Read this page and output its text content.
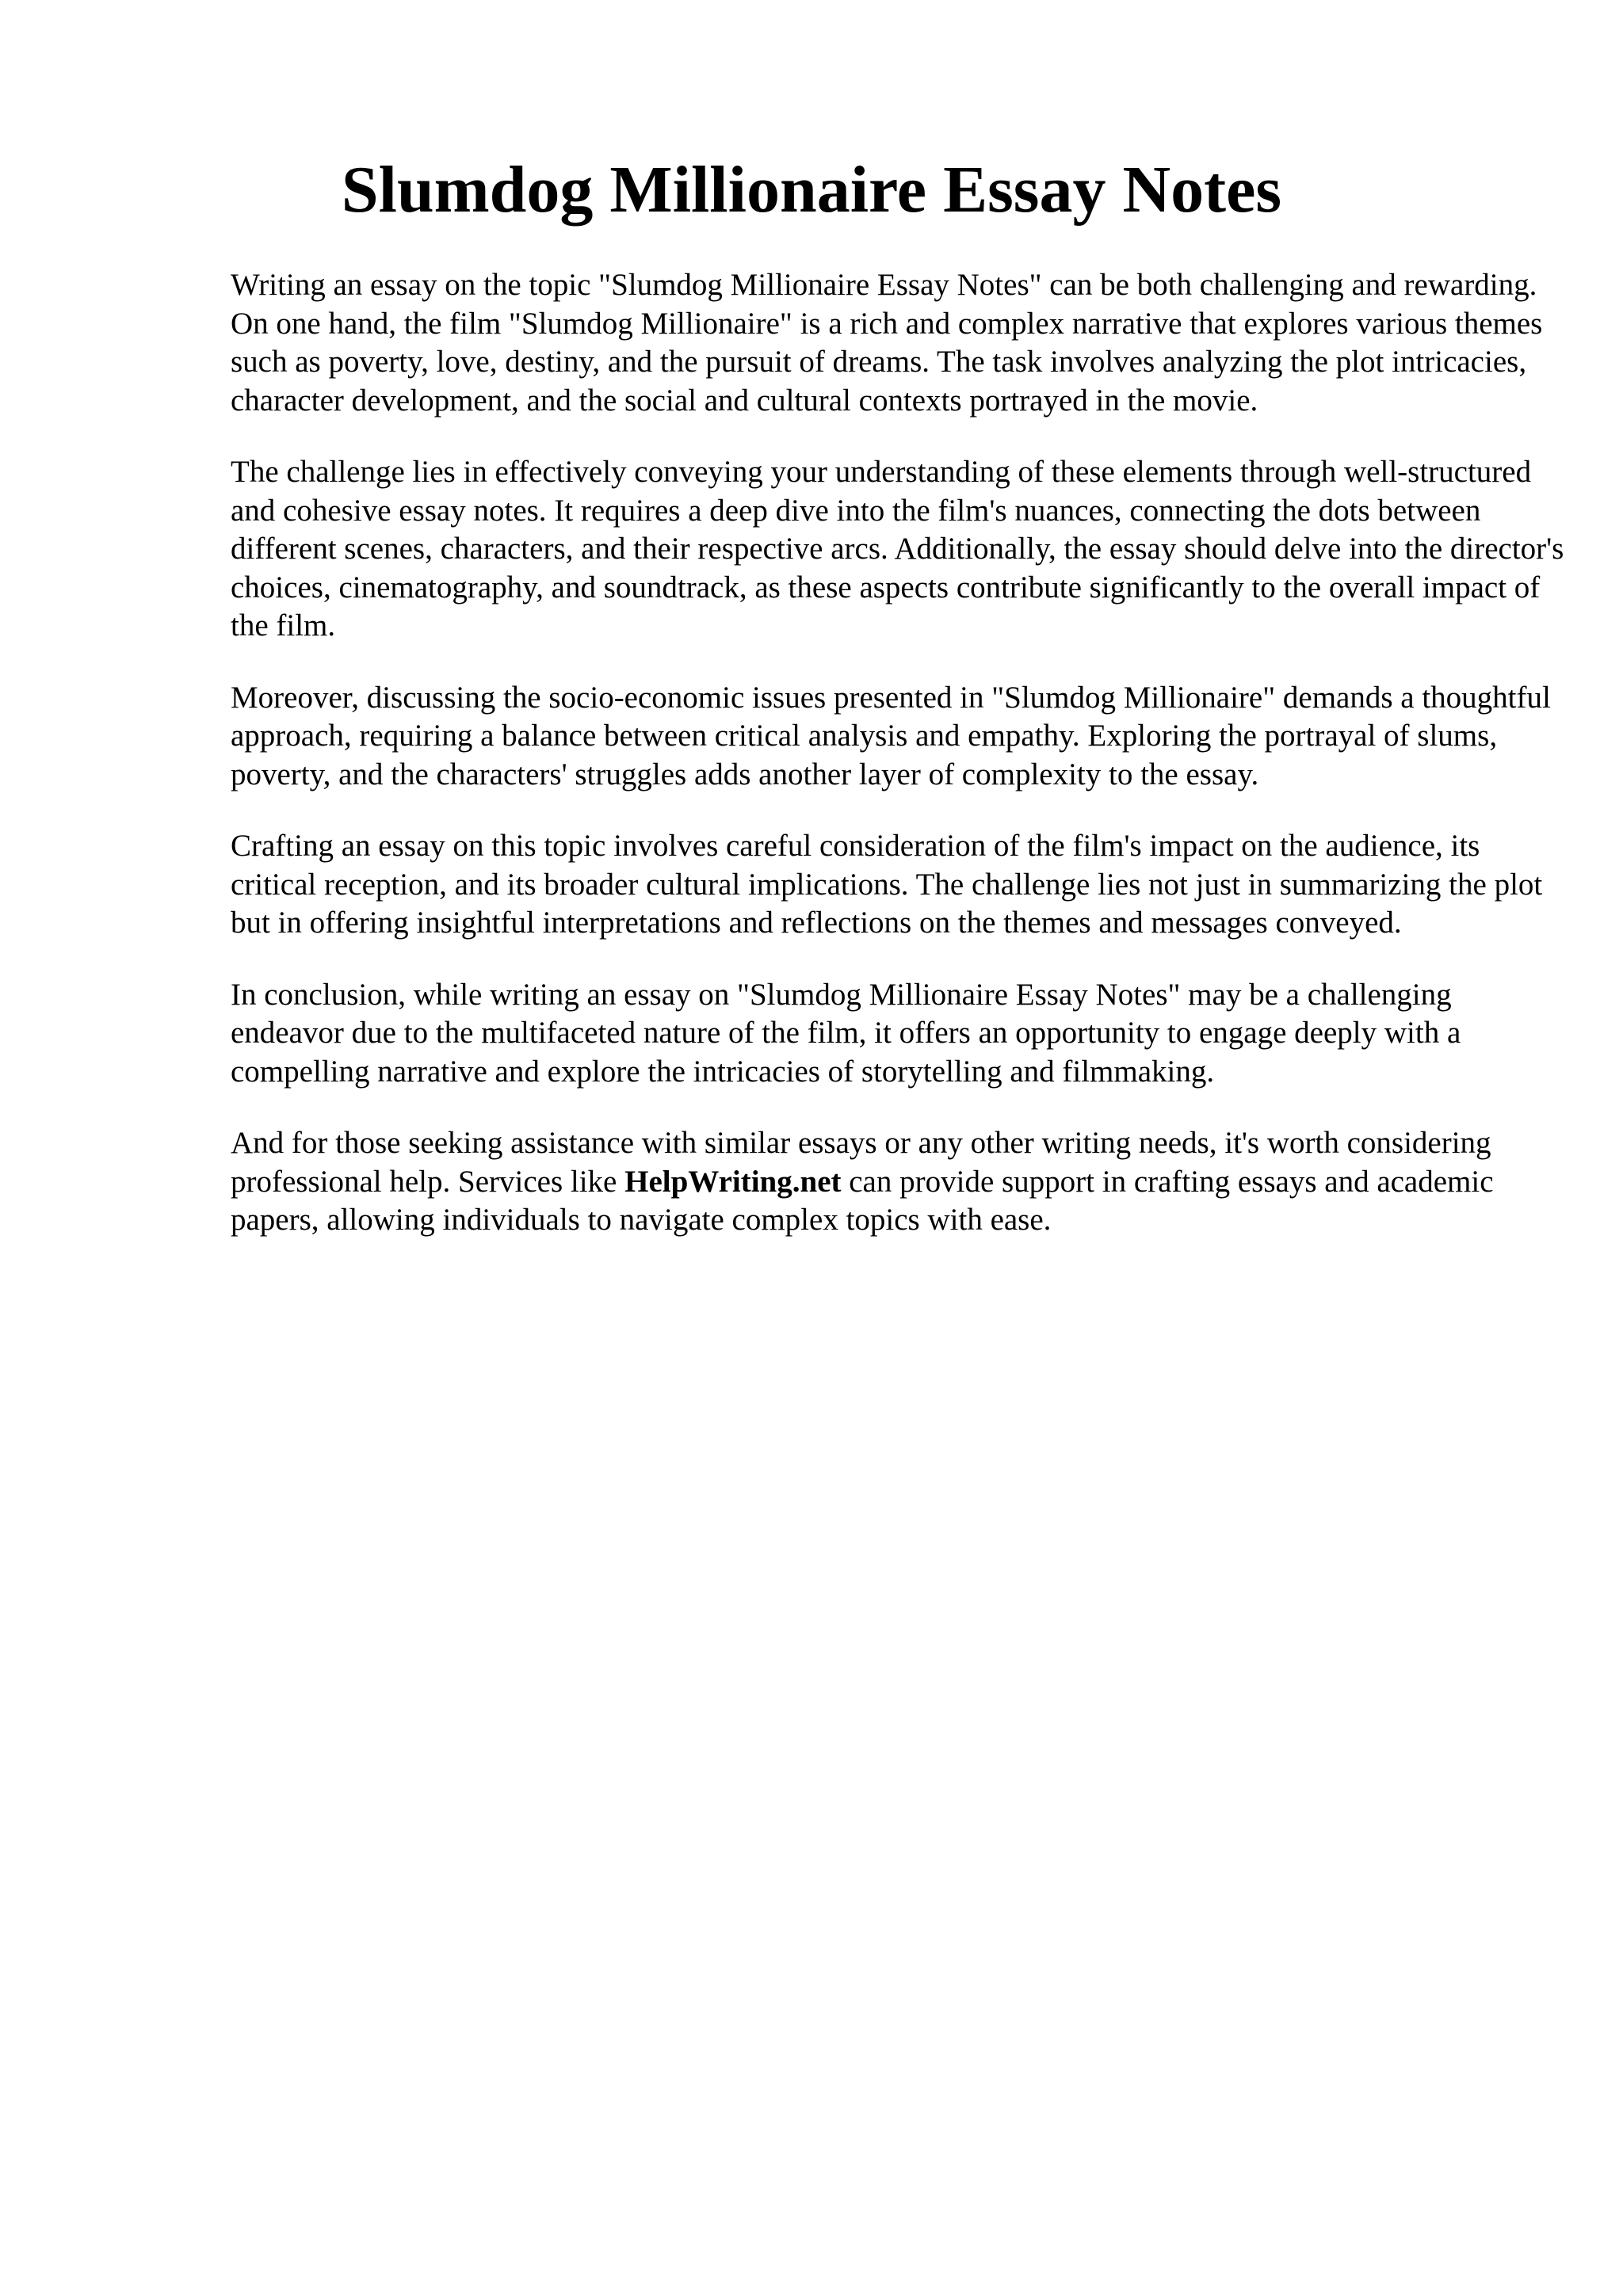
Slumdog Millionaire Essay Notes

Writing an essay on the topic "Slumdog Millionaire Essay Notes" can be both challenging and rewarding. On one hand, the film "Slumdog Millionaire" is a rich and complex narrative that explores various themes such as poverty, love, destiny, and the pursuit of dreams. The task involves analyzing the plot intricacies, character development, and the social and cultural contexts portrayed in the movie.

The challenge lies in effectively conveying your understanding of these elements through well-structured and cohesive essay notes. It requires a deep dive into the film's nuances, connecting the dots between different scenes, characters, and their respective arcs. Additionally, the essay should delve into the director's choices, cinematography, and soundtrack, as these aspects contribute significantly to the overall impact of the film.

Moreover, discussing the socio-economic issues presented in "Slumdog Millionaire" demands a thoughtful approach, requiring a balance between critical analysis and empathy. Exploring the portrayal of slums, poverty, and the characters' struggles adds another layer of complexity to the essay.

Crafting an essay on this topic involves careful consideration of the film's impact on the audience, its critical reception, and its broader cultural implications. The challenge lies not just in summarizing the plot but in offering insightful interpretations and reflections on the themes and messages conveyed.

In conclusion, while writing an essay on "Slumdog Millionaire Essay Notes" may be a challenging endeavor due to the multifaceted nature of the film, it offers an opportunity to engage deeply with a compelling narrative and explore the intricacies of storytelling and filmmaking.

And for those seeking assistance with similar essays or any other writing needs, it's worth considering professional help. Services like HelpWriting.net can provide support in crafting essays and academic papers, allowing individuals to navigate complex topics with ease.
